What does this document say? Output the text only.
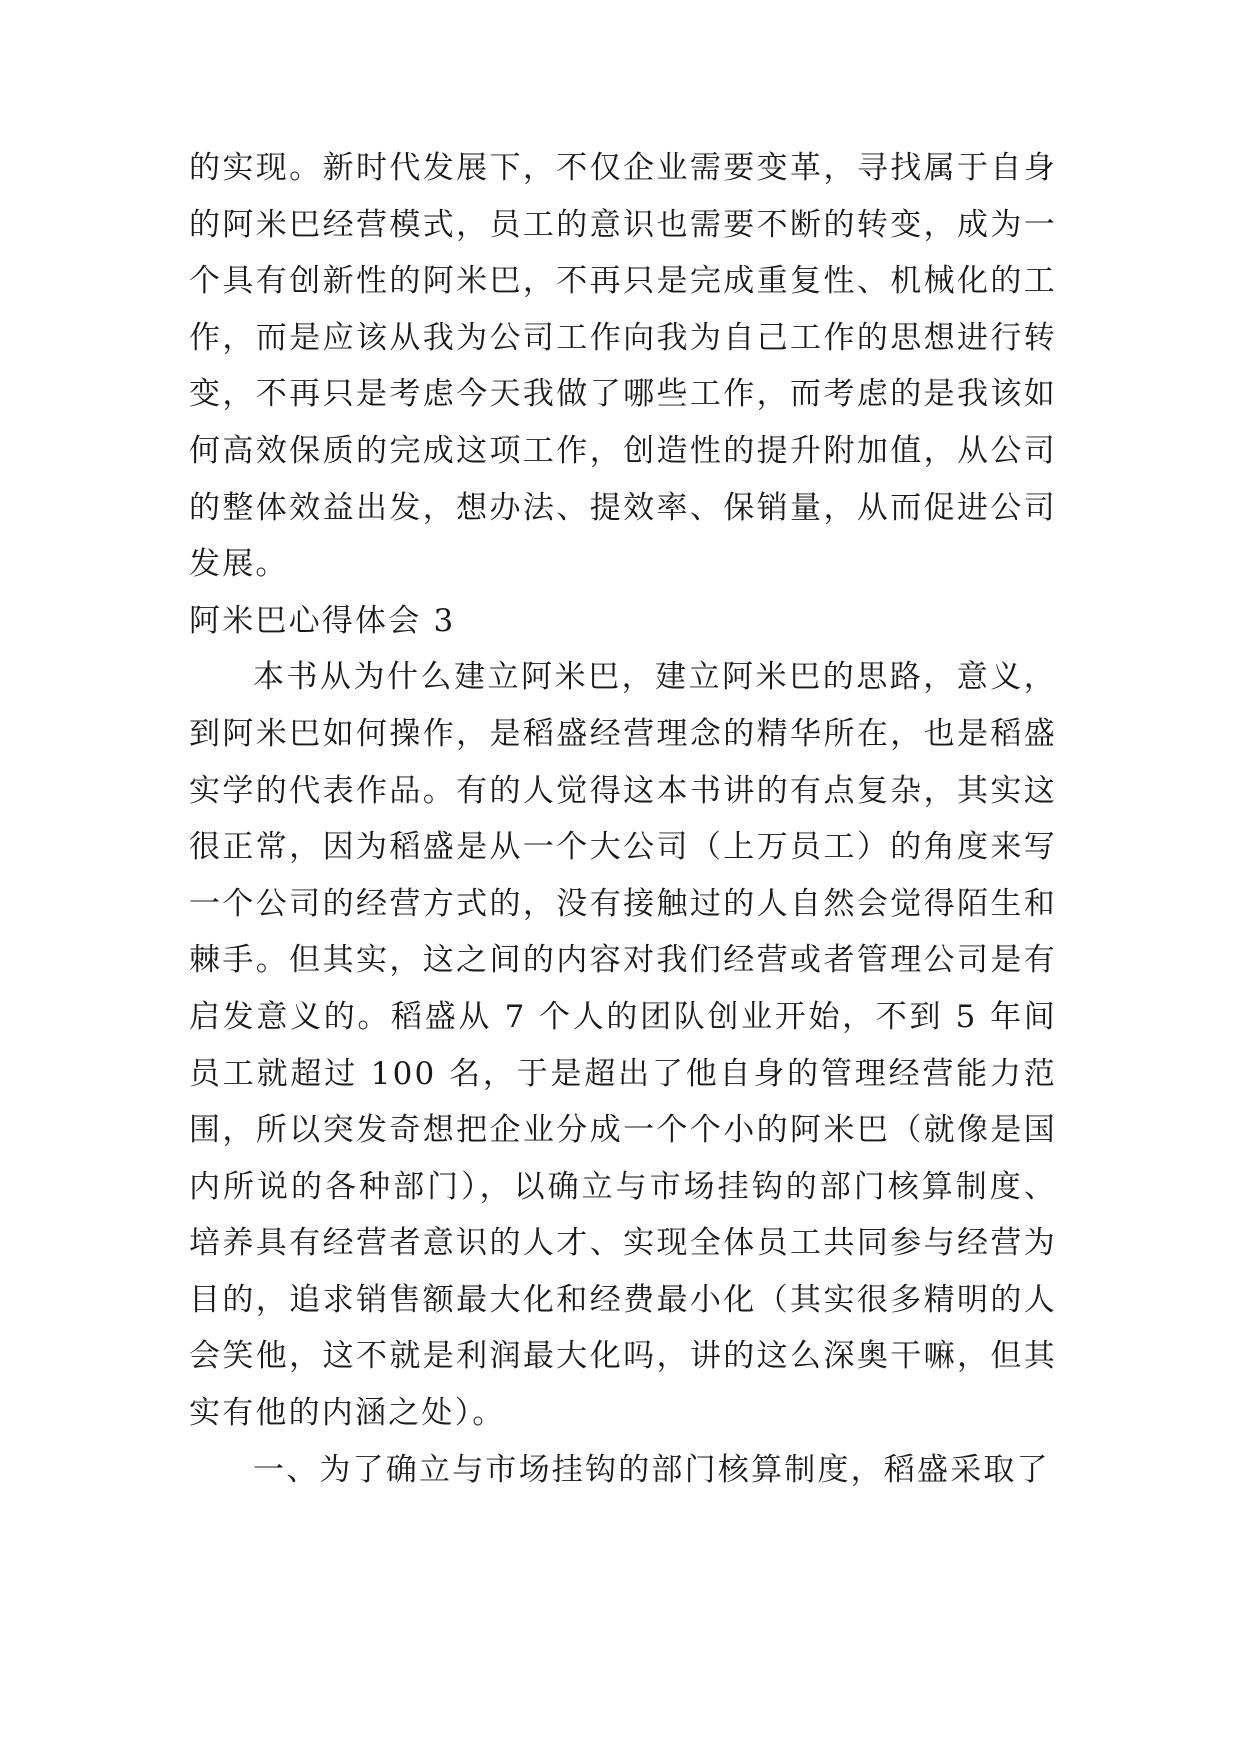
的实现。新时代发展下，不仅企业需要变革，寻找属于自身的阿米巴经营模式，员工的意识也需要不断的转变，成为一个具有创新性的阿米巴，不再只是完成重复性、机械化的工作，而是应该从我为公司工作向我为自己工作的思想进行转变，不再只是考虑今天我做了哪些工作，而考虑的是我该如何高效保质的完成这项工作，创造性的提升附加值，从公司的整体效益出发，想办法、提效率、保销量，从而促进公司发展。

阿米巴心得体会 3

本书从为什么建立阿米巴，建立阿米巴的思路，意义，到阿米巴如何操作，是稻盛经营理念的精华所在，也是稻盛实学的代表作品。有的人觉得这本书讲的有点复杂，其实这很正常，因为稻盛是从一个大公司（上万员工）的角度来写一个公司的经营方式的，没有接触过的人自然会觉得陌生和棘手。但其实，这之间的内容对我们经营或者管理公司是有启发意义的。稻盛从 7 个人的团队创业开始，不到 5 年间员工就超过 100 名，于是超出了他自身的管理经营能力范围，所以突发奇想把企业分成一个个小的阿米巴（就像是国内所说的各种部门），以确立与市场挂钩的部门核算制度、培养具有经营者意识的人才、实现全体员工共同参与经营为目的，追求销售额最大化和经费最小化（其实很多精明的人会笑他，这不就是利润最大化吗，讲的这么深奥干嘛，但其实有他的内涵之处）。

一、为了确立与市场挂钩的部门核算制度，稻盛采取了
